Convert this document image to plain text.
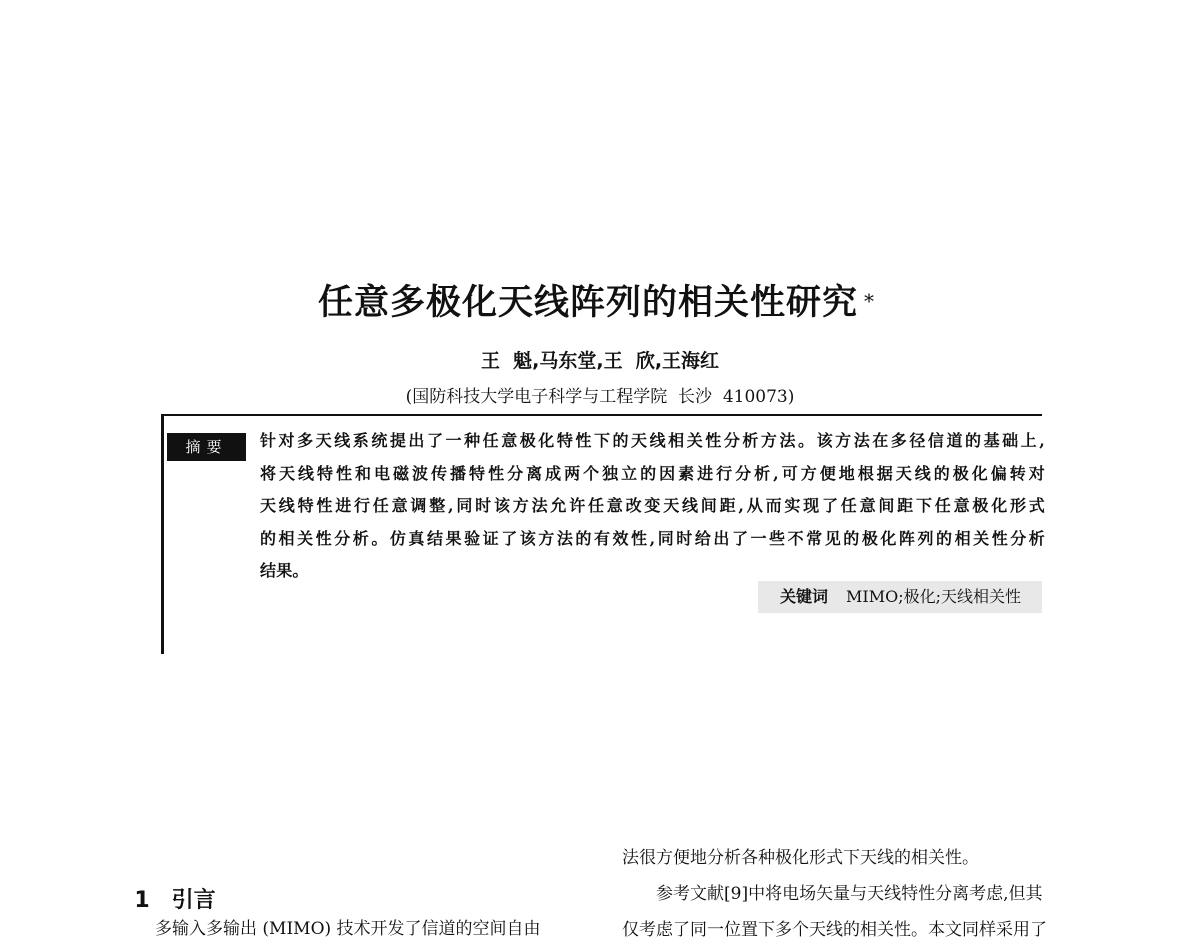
任意多极化天线阵列的相关性研究 *
王  魁,马东堂,王  欣,王海红
(国防科技大学电子科学与工程学院  长沙  410073)
摘要	针对多天线系统提出了一种任意极化特性下的天线相关性分析方法。该方法在多径信道的基础上,
将天线特性和电磁波传播特性分离成两个独立的因素进行分析,可方便地根据天线的极化偏转对
天线特性进行任意调整,同时该方法允许任意改变天线间距,从而实现了任意间距下任意极化形式
的相关性分析。仿真结果验证了该方法的有效性,同时给出了一些不常见的极化阵列的相关性分析
结果。
关键词 MIMO;极化;天线相关性

1 引言

多输入多输出 (MIMO) 技术开发了信道的空间自由
法很方便地分析各种极化形式下天线的相关性。
参考文献[9]中将电场矢量与天线特性分离考虑,但其
仅考虑了同一位置下多个天线的相关性。本文同样采用了
